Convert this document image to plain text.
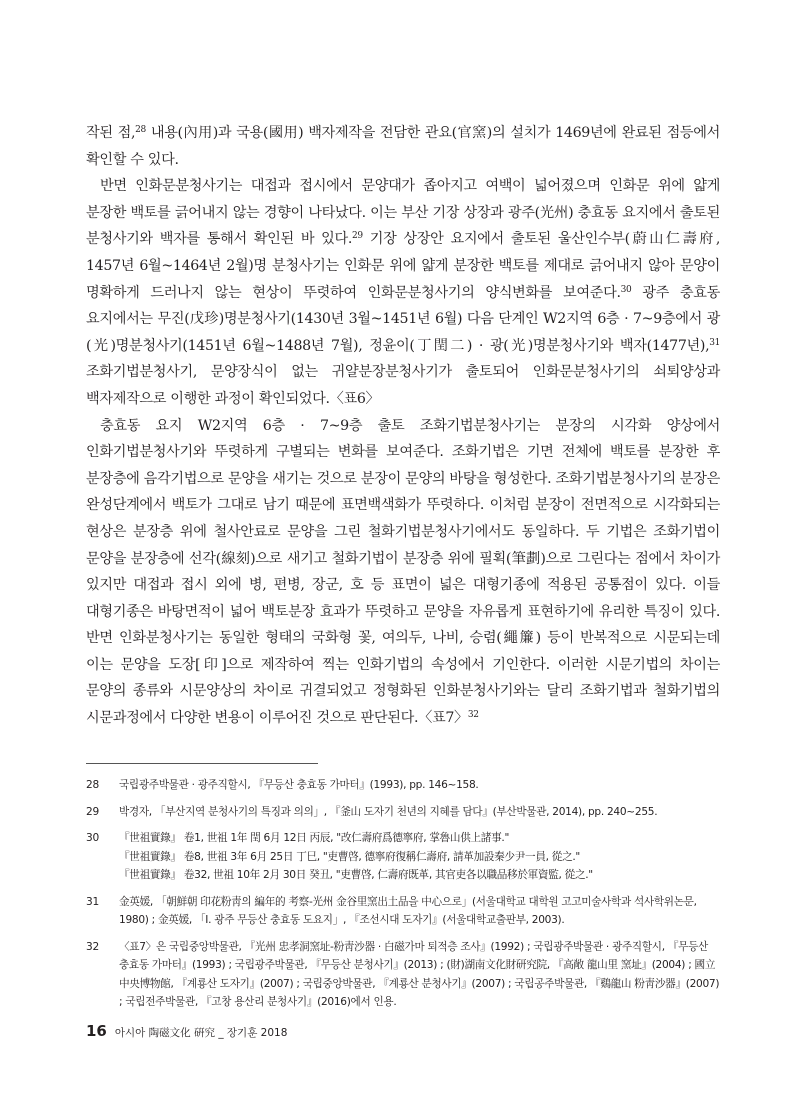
작된 점,$^{28}$ 내용(內用)과 국용(國用) 백자제작을 전담한 관요(官窯)의 설치가 1469년에 완료된 점등에서 확인할 수 있다.

반면 인화문분청사기는 대접과 접시에서 문양대가 좁아지고 여백이 넓어졌으며 인화문 위에 얇게 분장한 백토를 긁어내지 않는 경향이 나타났다. 이는 부산 기장 상장과 광주(光州) 충효동 요지에서 출토된 분청사기와 백자를 통해서 확인된 바 있다.$^{29}$ 기장 상장안 요지에서 출토된 울산인수부(蔚山仁壽府, 1457년 6월~1464년 2월)명 분청사기는 인화문 위에 얇게 분장한 백토를 제대로 긁어내지 않아 문양이 명확하게 드러나지 않는 현상이 뚜렷하여 인화문분청사기의 양식변화를 보여준다.$^{30}$ 광주 충효동 요지에서는 무진(戊珍)명분청사기(1430년 3월~1451년 6월) 다음 단계인 W2지역 6층 · 7~9층에서 광(光)명분청사기(1451년 6월~1488년 7월), 정윤이(丁閏二) · 광(光)명분청사기와 백자(1477년),$^{31}$ 조화기법분청사기, 문양장식이 없는 귀얄분장분청사기가 출토되어 인화문분청사기의 쇠퇴양상과 백자제작으로 이행한 과정이 확인되었다.〈표6〉

충효동 요지 W2지역 6층 · 7~9층 출토 조화기법분청사기는 분장의 시각화 양상에서 인화기법분청사기와 뚜렷하게 구별되는 변화를 보여준다. 조화기법은 기면 전체에 백토를 분장한 후 분장층에 음각기법으로 문양을 새기는 것으로 분장이 문양의 바탕을 형성한다. 조화기법분청사기의 분장은 완성단계에서 백토가 그대로 남기 때문에 표면백색화가 뚜렷하다. 이처럼 분장이 전면적으로 시각화되는 현상은 분장층 위에 철사안료로 문양을 그린 철화기법분청사기에서도 동일하다. 두 기법은 조화기법이 문양을 분장층에 선각(線刻)으로 새기고 철화기법이 분장층 위에 필획(筆劃)으로 그린다는 점에서 차이가 있지만 대접과 접시 외에 병, 편병, 장군, 호 등 표면이 넓은 대형기종에 적용된 공통점이 있다. 이들 대형기종은 바탕면적이 넓어 백토분장 효과가 뚜렷하고 문양을 자유롭게 표현하기에 유리한 특징이 있다. 반면 인화분청사기는 동일한 형태의 국화형 꽃, 여의두, 나비, 승렴(繩簾) 등이 반복적으로 시문되는데 이는 문양을 도장[印]으로 제작하여 찍는 인화기법의 속성에서 기인한다. 이러한 시문기법의 차이는 문양의 종류와 시문양상의 차이로 귀결되었고 정형화된 인화분청사기와는 달리 조화기법과 철화기법의 시문과정에서 다양한 변용이 이루어진 것으로 판단된다.〈표7〉$^{32}$

28	국립광주박물관 · 광주직할시, 『무등산 충효동 가마터』(1993), pp. 146~158.
29	박경자, 「부산지역 분청사기의 특징과 의의」, 『釜山 도자기 천년의 지혜를 담다』(부산박물관, 2014), pp. 240~255.
30	『世祖實錄』 卷1, 世祖 1年 閏 6月 12日 丙辰, "改仁壽府爲德寧府, 掌魯山供上諸事."
『世祖實錄』 卷8, 世祖 3年 6月 25日 丁巳, "吏曹啓, 德寧府復稱仁壽府, 請革加設秦少尹一員, 從之."
『世祖實錄』 卷32, 世祖 10年 2月 30日 癸丑, "吏曹啓, 仁壽府既革, 其官吏各以職品移於軍資監, 從之."
31	金英媛, 「朝鮮朝 印花粉靑의 編年的 考察-光州 金谷里窯出土品을 中心으로」(서울대학교 대학원 고고미술사학과 석사학위논문, 1980) ; 金英媛, 「Ⅰ. 광주 무등산 충효동 도요지」, 『조선시대 도자기』(서울대학교출판부, 2003).
32	〈표7〉은 국립중앙박물관, 『光州 忠孝洞窯址-粉靑沙器 · 白磁가마 퇴적층 조사』(1992) ; 국립광주박물관 · 광주직할시, 『무등산 충효동 가마터』(1993) ; 국립광주박물관, 『무등산 분청사기』(2013) ; (財)湖南文化財研究院, 『高敞 龍山里 窯址』(2004) ; 國立中央博物館, 『계룡산 도자기』(2007) ; 국립중앙박물관, 『계룡산 분청사기』(2007) ; 국립공주박물관, 『鷄龍山 粉靑沙器』(2007) ; 국립전주박물관, 『고창 용산리 분청사기』(2016)에서 인용.
16 아시아 陶磁文化 硏究 _ 장기훈 2018
